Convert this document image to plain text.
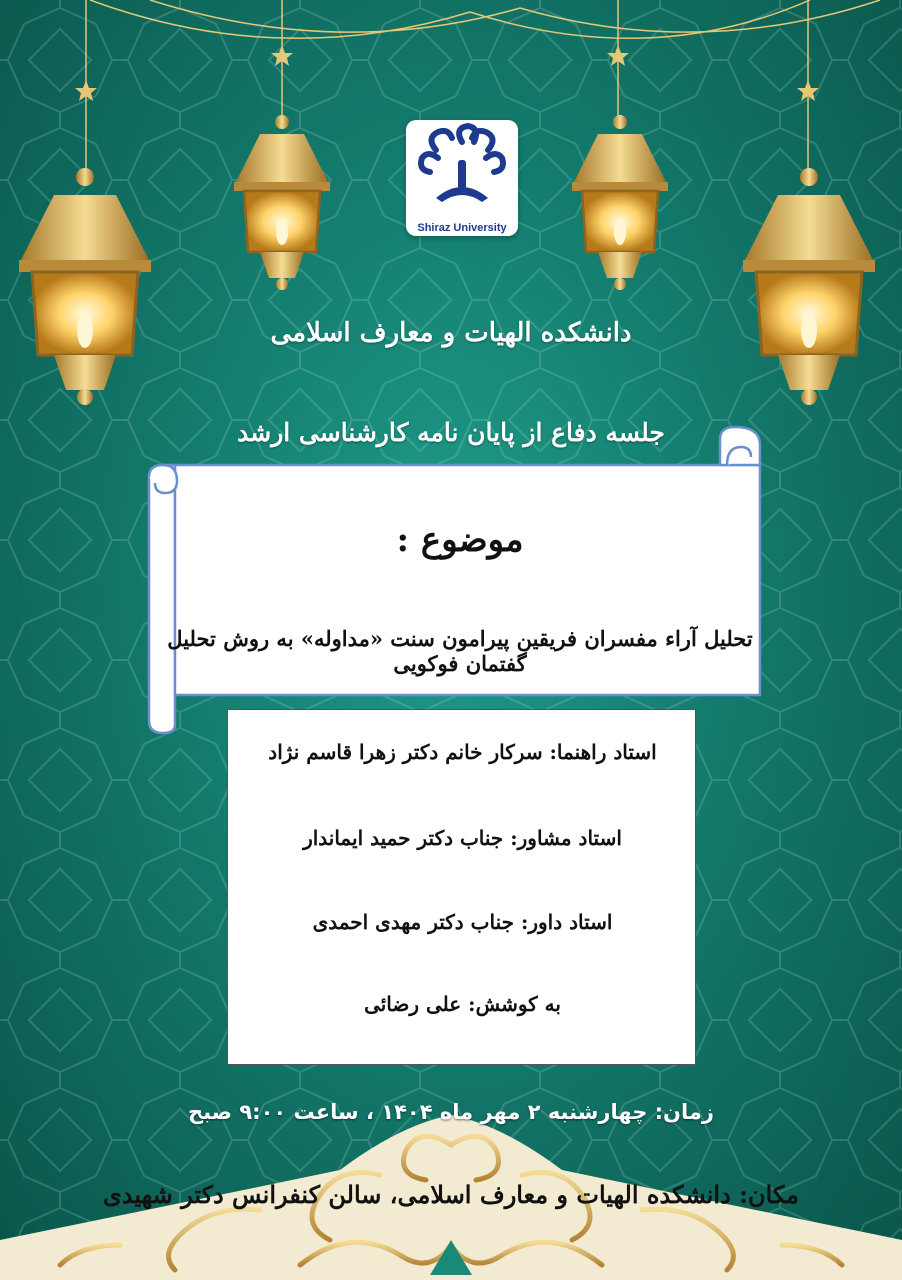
Shiraz University
دانشکده الهیات و معارف اسلامی
جلسه دفاع از پایان نامه کارشناسی ارشد
موضوع :
تحلیل آراء مفسران فریقین پیرامون سنت «مداوله» به روش تحلیل گفتمان فوکویی
استاد راهنما: سرکار خانم دکتر زهرا قاسم نژاد
استاد مشاور: جناب دکتر حمید ایماندار
استاد داور: جناب دکتر مهدی احمدی
به کوشش: علی رضائی
زمان: چهارشنبه ۲ مهر ماه ۱۴۰۴ ، ساعت ۹:۰۰ صبح
مکان: دانشکده الهیات و معارف اسلامی، سالن کنفرانس دکتر شهیدی
